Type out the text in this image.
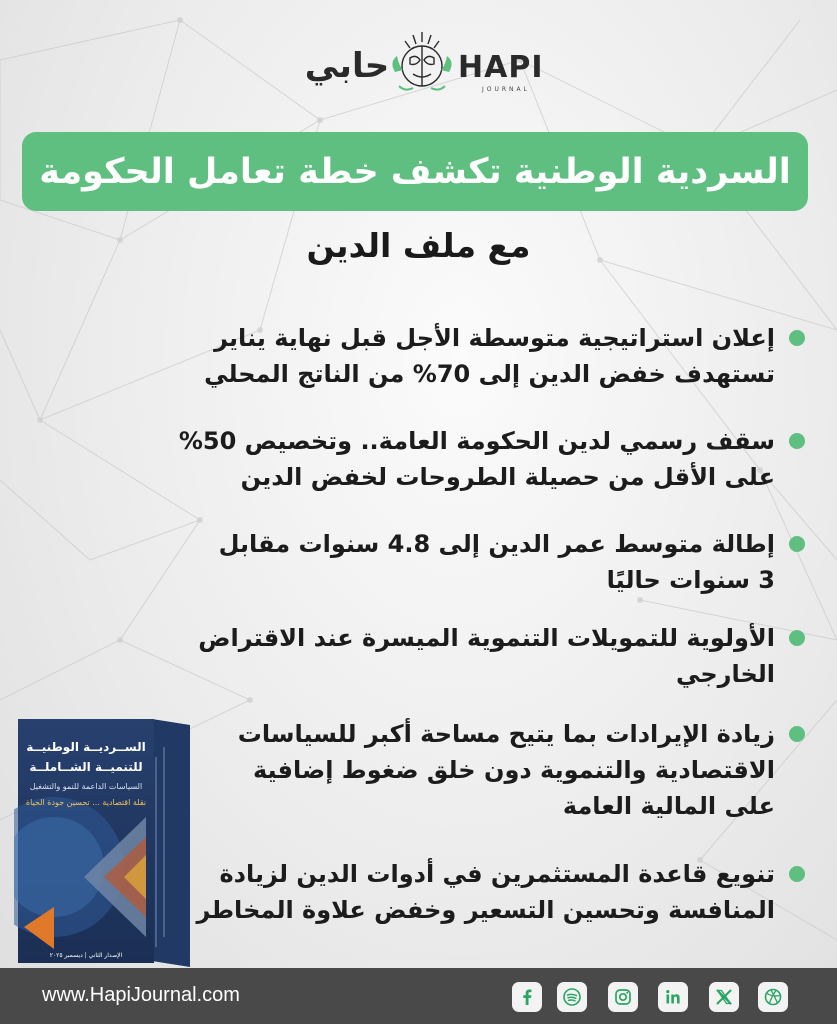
حابي	HAPI
JOURNAL
السردية الوطنية تكشف خطة تعامل الحكومة
مع ملف الدين
إعلان استراتيجية متوسطة الأجل قبل نهاية يناير
تستهدف خفض الدين إلى 70% من الناتج المحلي
سقف رسمي لدين الحكومة العامة.. وتخصيص 50%
على الأقل من حصيلة الطروحات لخفض الدين
إطالة متوسط عمر الدين إلى 4.8 سنوات مقابل
3 سنوات حاليًا
الأولوية للتمويلات التنموية الميسرة عند الاقتراض
الخارجي
زيادة الإيرادات بما يتيح مساحة أكبر للسياسات
الاقتصادية والتنموية دون خلق ضغوط إضافية
على المالية العامة
تنويع قاعدة المستثمرين في أدوات الدين لزيادة
المنافسة وتحسين التسعير وخفض علاوة المخاطر
الســرديــة الوطنيــة
للتنميــة الشــاملــة
السياسات الداعمة للنمو والتشغيل
نقلة اقتصادية ... تحسين جودة الحياة
الإصدار الثاني | ديسمبر ٢٠٢٥
www.HapiJournal.com
